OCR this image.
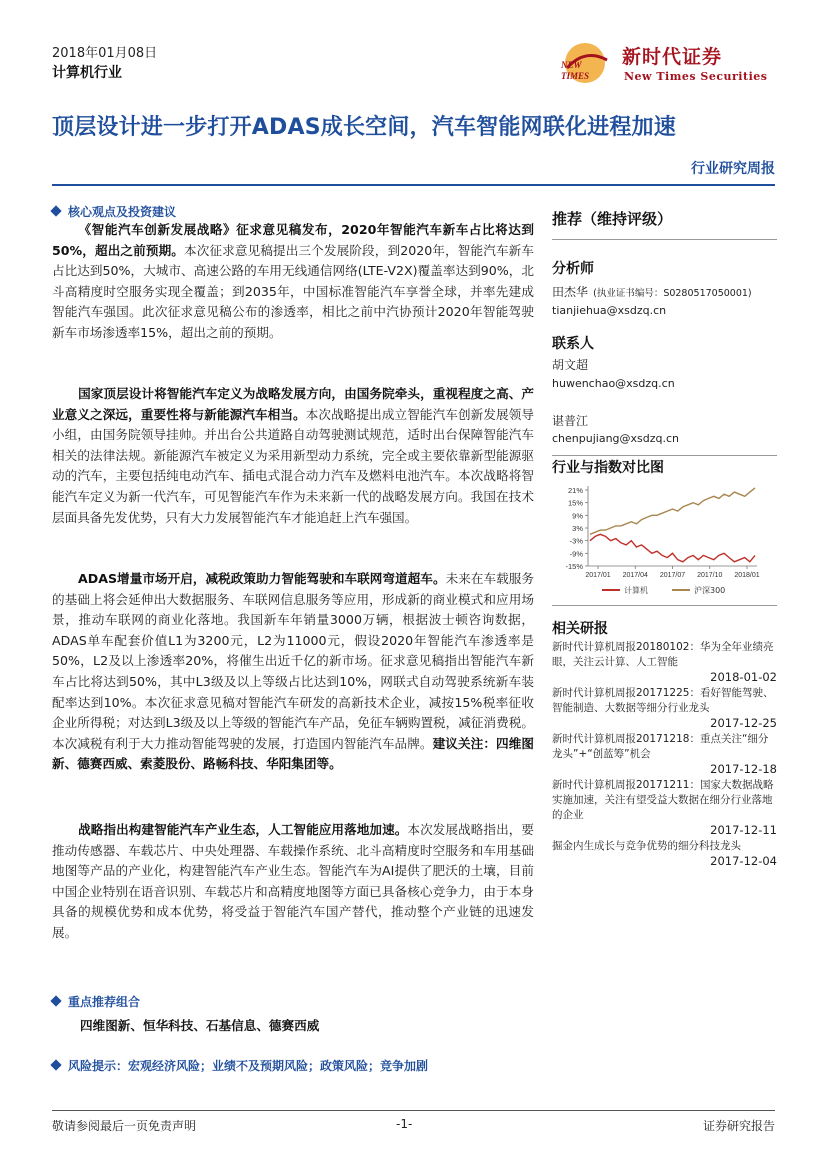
2018年01月08日
计算机行业	NEW
TIMES
新时代证券
New Times Securities
顶层设计进一步打开ADAS成长空间，汽车智能网联化进程加速
行业研究周报
核心观点及投资建议
《智能汽车创新发展战略》征求意见稿发布，2020年智能汽车新车占比将达到50%，超出之前预期。本次征求意见稿提出三个发展阶段，到2020年，智能汽车新车占比达到50%，大城市、高速公路的车用无线通信网络(LTE-V2X)覆盖率达到90%，北斗高精度时空服务实现全覆盖；到2035年，中国标准智能汽车享誉全球，并率先建成智能汽车强国。此次征求意见稿公布的渗透率，相比之前中汽协预计2020年智能驾驶新车市场渗透率15%，超出之前的预期。
国家顶层设计将智能汽车定义为战略发展方向，由国务院牵头，重视程度之高、产业意义之深远，重要性将与新能源汽车相当。本次战略提出成立智能汽车创新发展领导小组，由国务院领导挂帅。并出台公共道路自动驾驶测试规范，适时出台保障智能汽车相关的法律法规。新能源汽车被定义为采用新型动力系统，完全或主要依靠新型能源驱动的汽车，主要包括纯电动汽车、插电式混合动力汽车及燃料电池汽车。本次战略将智能汽车定义为新一代汽车，可见智能汽车作为未来新一代的战略发展方向。我国在技术层面具备先发优势，只有大力发展智能汽车才能追赶上汽车强国。
ADAS增量市场开启，减税政策助力智能驾驶和车联网弯道超车。未来在车载服务的基础上将会延伸出大数据服务、车联网信息服务等应用，形成新的商业模式和应用场景，推动车联网的商业化落地。我国新车年销量3000万辆，根据波士顿咨询数据，ADAS单车配套价值L1为3200元，L2为11000元，假设2020年智能汽车渗透率是50%，L2及以上渗透率20%，将催生出近千亿的新市场。征求意见稿指出智能汽车新车占比将达到50%，其中L3级及以上等级占比达到10%，网联式自动驾驶系统新车装配率达到10%。本次征求意见稿对智能汽车研发的高新技术企业，减按15%税率征收企业所得税；对达到L3级及以上等级的智能汽车产品，免征车辆购置税，减征消费税。本次减税有利于大力推动智能驾驶的发展，打造国内智能汽车品牌。建议关注：四维图新、德赛西威、索菱股份、路畅科技、华阳集团等。
战略指出构建智能汽车产业生态，人工智能应用落地加速。本次发展战略指出，要推动传感器、车载芯片、中央处理器、车载操作系统、北斗高精度时空服务和车用基础地图等产品的产业化，构建智能汽车产业生态。智能汽车为AI提供了肥沃的土壤，目前中国企业特别在语音识别、车载芯片和高精度地图等方面已具备核心竞争力，由于本身具备的规模优势和成本优势，将受益于智能汽车国产替代，推动整个产业链的迅速发展。
重点推荐组合
四维图新、恒华科技、石基信息、德赛西威
风险提示：宏观经济风险；业绩不及预期风险；政策风险；竞争加剧
推荐（维持评级）
分析师
田杰华 (执业证书编号：S0280517050001)
tianjiehua@xsdzq.cn
联系人
胡文超
huwenchao@xsdzq.cn
谌普江
chenpujiang@xsdzq.cn
行业与指数对比图
21%
15%
9%
3%
-3%
-9%
-15%
2017/01 2017/04 2017/07 2017/10 2018/01
计算机	沪深300
相关研报
新时代计算机周报20180102：华为全年业绩亮眼，关注云计算、人工智能
2018-01-02
新时代计算机周报20171225：看好智能驾驶、智能制造、大数据等细分行业龙头
2017-12-25
新时代计算机周报20171218：重点关注“细分龙头”+“创蓝筹”机会
2017-12-18
新时代计算机周报20171211：国家大数据战略实施加速，关注有望受益大数据在细分行业落地的企业
2017-12-11
掘金内生成长与竞争优势的细分科技龙头
2017-12-04
敬请参阅最后一页免责声明	-1-	证券研究报告
